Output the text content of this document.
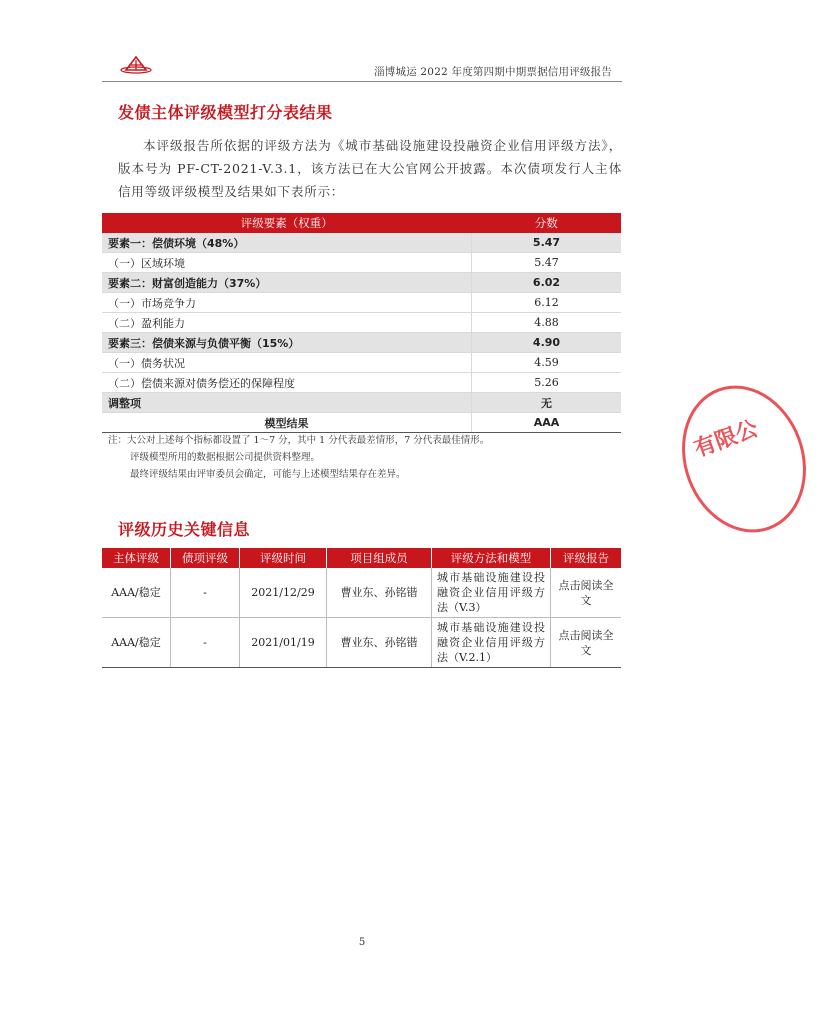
淄博城运 2022 年度第四期中期票据信用评级报告
发债主体评级模型打分表结果
本评级报告所依据的评级方法为《城市基础设施建设投融资企业信用评级方法》，版本号为 PF-CT-2021-V.3.1，该方法已在大公官网公开披露。本次债项发行人主体信用等级评级模型及结果如下表所示：
评级要素（权重）	分数
要素一：偿债环境（48%）	5.47
（一）区域环境	5.47
要素二：财富创造能力（37%）	6.02
（一）市场竞争力	6.12
（二）盈利能力	4.88
要素三：偿债来源与负债平衡（15%）	4.90
（一）债务状况	4.59
（二）偿债来源对债务偿还的保障程度	5.26
调整项	无
模型结果	AAA
注：大公对上述每个指标都设置了 1～7 分，其中 1 分代表最差情形，7 分代表最佳情形。
评级模型所用的数据根据公司提供资料整理。
最终评级结果由评审委员会确定，可能与上述模型结果存在差异。
评级历史关键信息
主体评级	债项评级	评级时间	项目组成员	评级方法和模型	评级报告
AAA/稳定	-	2021/12/29	曹业东、孙铭锴	城市基础设施建设投融资企业信用评级方法（V.3）	点击阅读全文
AAA/稳定	-	2021/01/19	曹业东、孙铭锴	城市基础设施建设投融资企业信用评级方法（V.2.1）	点击阅读全文
有限公
5
